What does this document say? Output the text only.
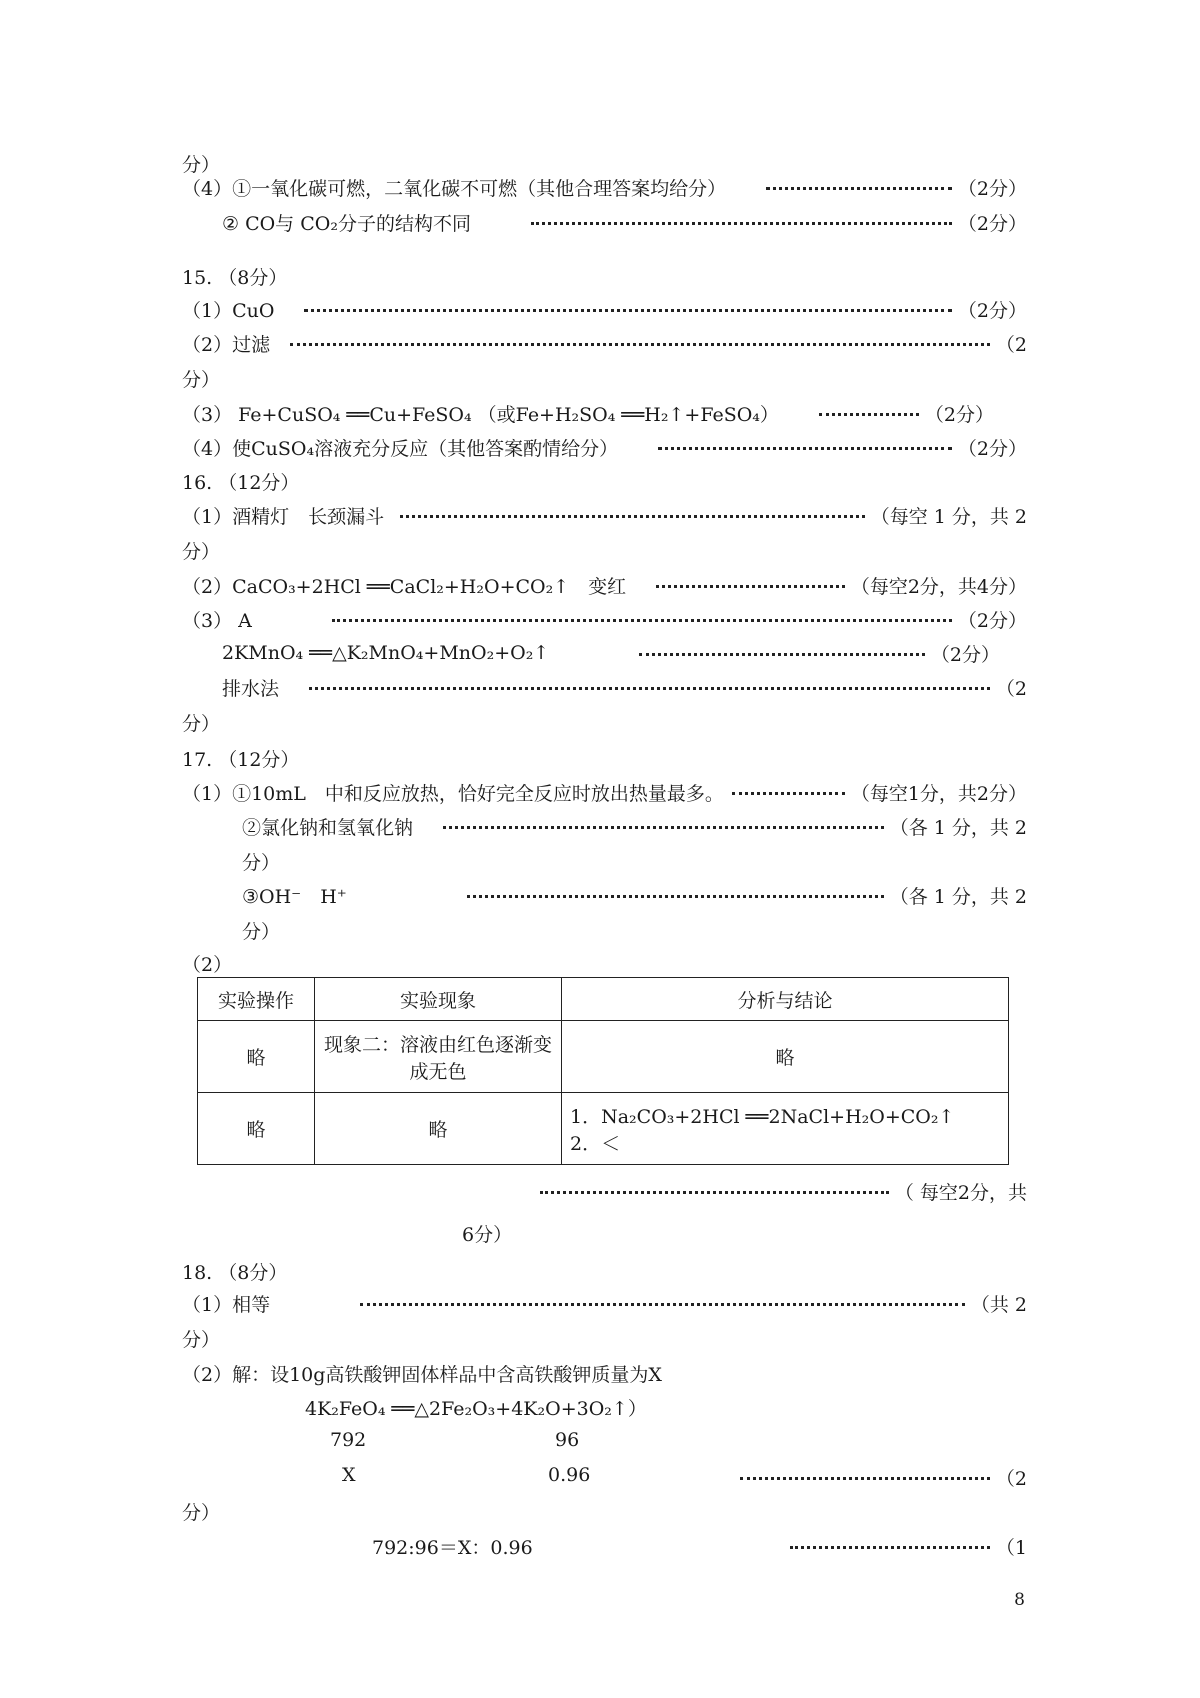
分）
（4）①一氧化碳可燃，二氧化碳不可燃（其他合理答案均给分）	（2分）
② CO与 CO₂分子的结构不同	（2分）
15. （8分）
（1）CuO	（2分）
（2）过滤	（2
分）
（3） Fe+CuSO₄ ══Cu+FeSO₄ （或Fe+H₂SO₄ ══H₂↑+FeSO₄）	（2分）
（4）使CuSO₄溶液充分反应（其他答案酌情给分）	（2分）
16. （12分）
（1）酒精灯　长颈漏斗	（每空 1 分，共 2
分）
（2）CaCO₃+2HCl ══CaCl₂+H₂O+CO₂↑　变红	（每空2分，共4分）
（3） A	（2分）
2KMnO₄ ══△K₂MnO₄+MnO₂+O₂↑	（2分）
排水法	（2
分）
17. （12分）
（1）①10mL　中和反应放热，恰好完全反应时放出热量最多。	（每空1分，共2分）
②氯化钠和氢氧化钠	（各 1 分，共 2
分）
③OH⁻　H⁺	（各 1 分，共 2
分）
（2）
实验操作	实验现象	分析与结论
略	现象二：溶液由红色逐渐变成无色	略
略	略	1．Na₂CO₃+2HCl ══2NaCl+H₂O+CO₂↑
2．＜
（ 每空2分，共
6分）
18. （8分）
（1）相等	（共 2
分）
（2）解：设10g高铁酸钾固体样品中含高铁酸钾质量为X
4K₂FeO₄ ══△2Fe₂O₃+4K₂O+3O₂↑）
792	96
X	0.96	（2
分）
792:96＝X：0.96	（1
8
